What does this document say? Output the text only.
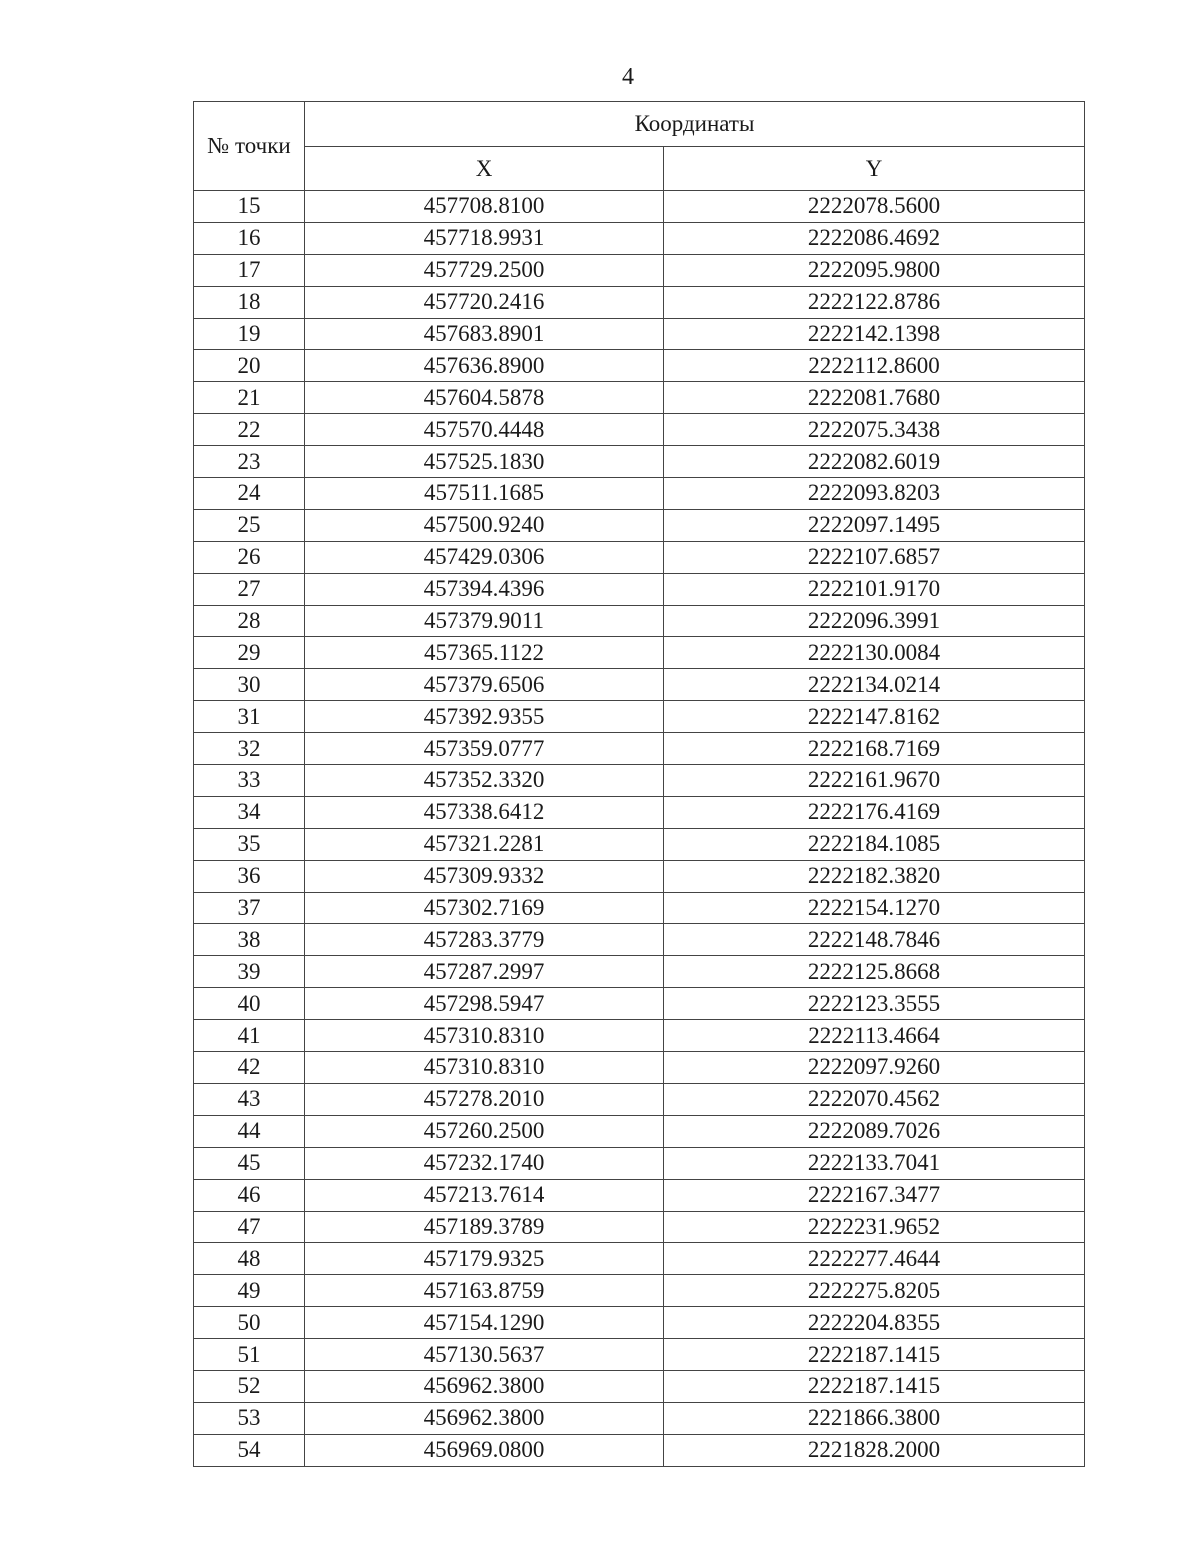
4
№ точки	Координаты	
	X	Y
15	457708.8100	2222078.5600
16	457718.9931	2222086.4692
17	457729.2500	2222095.9800
18	457720.2416	2222122.8786
19	457683.8901	2222142.1398
20	457636.8900	2222112.8600
21	457604.5878	2222081.7680
22	457570.4448	2222075.3438
23	457525.1830	2222082.6019
24	457511.1685	2222093.8203
25	457500.9240	2222097.1495
26	457429.0306	2222107.6857
27	457394.4396	2222101.9170
28	457379.9011	2222096.3991
29	457365.1122	2222130.0084
30	457379.6506	2222134.0214
31	457392.9355	2222147.8162
32	457359.0777	2222168.7169
33	457352.3320	2222161.9670
34	457338.6412	2222176.4169
35	457321.2281	2222184.1085
36	457309.9332	2222182.3820
37	457302.7169	2222154.1270
38	457283.3779	2222148.7846
39	457287.2997	2222125.8668
40	457298.5947	2222123.3555
41	457310.8310	2222113.4664
42	457310.8310	2222097.9260
43	457278.2010	2222070.4562
44	457260.2500	2222089.7026
45	457232.1740	2222133.7041
46	457213.7614	2222167.3477
47	457189.3789	2222231.9652
48	457179.9325	2222277.4644
49	457163.8759	2222275.8205
50	457154.1290	2222204.8355
51	457130.5637	2222187.1415
52	456962.3800	2222187.1415
53	456962.3800	2221866.3800
54	456969.0800	2221828.2000
